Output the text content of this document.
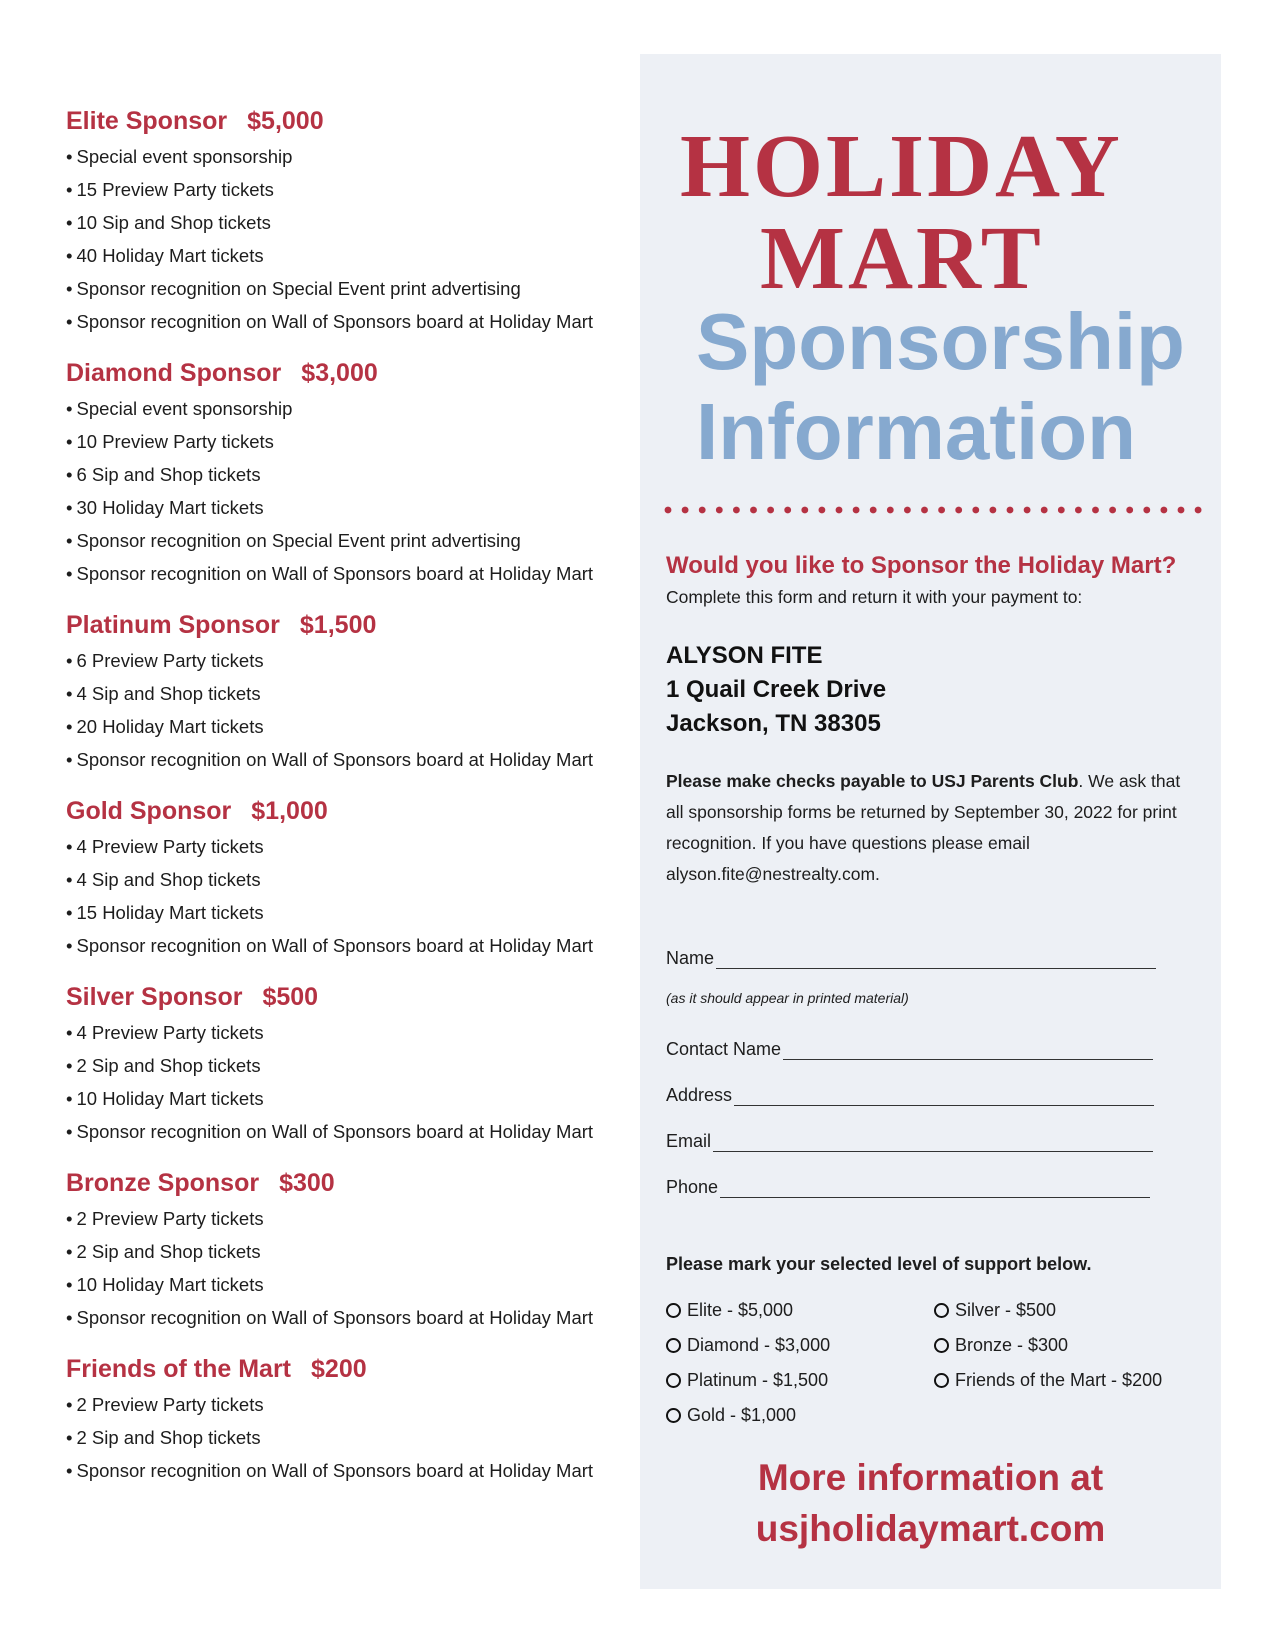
Elite Sponsor $5,000
• Special event sponsorship
• 15 Preview Party tickets
• 10 Sip and Shop tickets
• 40 Holiday Mart tickets
• Sponsor recognition on Special Event print advertising
• Sponsor recognition on Wall of Sponsors board at Holiday Mart
Diamond Sponsor $3,000
• Special event sponsorship
• 10 Preview Party tickets
• 6 Sip and Shop tickets
• 30 Holiday Mart tickets
• Sponsor recognition on Special Event print advertising
• Sponsor recognition on Wall of Sponsors board at Holiday Mart
Platinum Sponsor $1,500
• 6 Preview Party tickets
• 4 Sip and Shop tickets
• 20 Holiday Mart tickets
• Sponsor recognition on Wall of Sponsors board at Holiday Mart
Gold Sponsor $1,000
• 4 Preview Party tickets
• 4 Sip and Shop tickets
• 15 Holiday Mart tickets
• Sponsor recognition on Wall of Sponsors board at Holiday Mart
Silver Sponsor $500
• 4 Preview Party tickets
• 2 Sip and Shop tickets
• 10 Holiday Mart tickets
• Sponsor recognition on Wall of Sponsors board at Holiday Mart
Bronze Sponsor $300
• 2 Preview Party tickets
• 2 Sip and Shop tickets
• 10 Holiday Mart tickets
• Sponsor recognition on Wall of Sponsors board at Holiday Mart
Friends of the Mart $200
• 2 Preview Party tickets
• 2 Sip and Shop tickets
• Sponsor recognition on Wall of Sponsors board at Holiday Mart
HOLIDAY
MART
Sponsorship
Information
Would you like to Sponsor the Holiday Mart?
Complete this form and return it with your payment to:
ALYSON FITE
1 Quail Creek Drive
Jackson, TN 38305
Please make checks payable to USJ Parents Club. We ask that all sponsorship forms be returned by September 30, 2022 for print recognition. If you have questions please email alyson.fite@nestrealty.com.
Name
(as it should appear in printed material)
Contact Name
Address
Email
Phone
Please mark your selected level of support below.
Elite - $5,000
Diamond - $3,000
Platinum - $1,500
Gold - $1,000
Silver - $500
Bronze - $300
Friends of the Mart - $200
More information at
usjholidaymart.com
